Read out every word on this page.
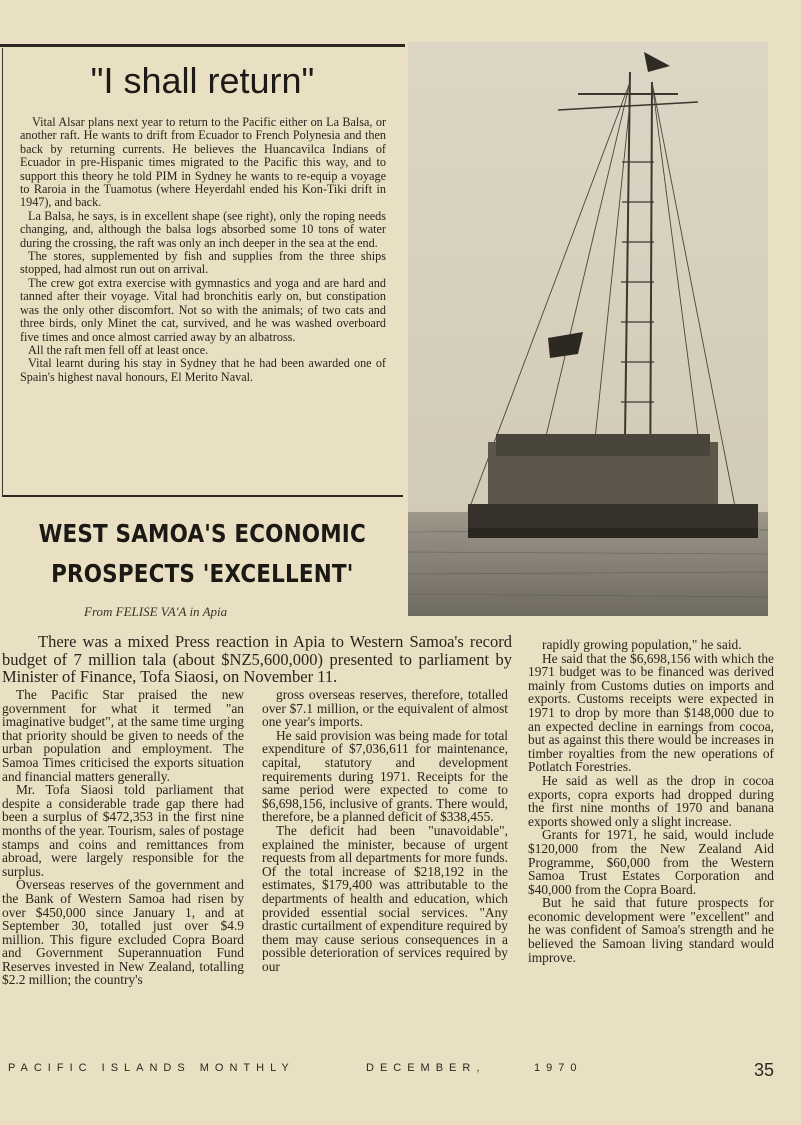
"I shall return"

Vital Alsar plans next year to return to the Pacific either on La Balsa, or another raft. He wants to drift from Ecuador to French Polynesia and then back by returning currents. He believes the Huancavilca Indians of Ecuador in pre-Hispanic times migrated to the Pacific this way, and to support this theory he told PIM in Sydney he wants to re-equip a voyage to Raroia in the Tuamotus (where Heyerdahl ended his Kon-Tiki drift in 1947), and back.

La Balsa, he says, is in excellent shape (see right), only the roping needs changing, and, although the balsa logs absorbed some 10 tons of water during the crossing, the raft was only an inch deeper in the sea at the end.

The stores, supplemented by fish and supplies from the three ships stopped, had almost run out on arrival.

The crew got extra exercise with gymnastics and yoga and are hard and tanned after their voyage. Vital had bronchitis early on, but constipation was the only other discomfort. Not so with the animals; of two cats and three birds, only Minet the cat, survived, and he was washed overboard five times and once almost carried away by an albatross.

All the raft men fell off at least once.

Vital learnt during his stay in Sydney that he had been awarded one of Spain's highest naval honours, El Merito Naval.

WEST SAMOA'S ECONOMIC
PROSPECTS 'EXCELLENT'
From FELISE VA'A in Apia

There was a mixed Press reaction in Apia to Western Samoa's record budget of 7 million tala (about $NZ5,600,000) presented to parliament by Minister of Finance, Tofa Siaosi, on November 11.

The Pacific Star praised the new government for what it termed "an imaginative budget", at the same time urging that priority should be given to needs of the urban population and employment. The Samoa Times criticised the exports situation and financial matters generally.

Mr. Tofa Siaosi told parliament that despite a considerable trade gap there had been a surplus of $472,353 in the first nine months of the year. Tourism, sales of postage stamps and coins and remittances from abroad, were largely responsible for the surplus.

Overseas reserves of the government and the Bank of Western Samoa had risen by over $450,000 since January 1, and at September 30, totalled just over $4.9 million. This figure excluded Copra Board and Government Superannuation Fund Reserves invested in New Zealand, totalling $2.2 million; the country's

gross overseas reserves, therefore, totalled over $7.1 million, or the equivalent of almost one year's imports.

He said provision was being made for total expenditure of $7,036,611 for maintenance, capital, statutory and development requirements during 1971. Receipts for the same period were expected to come to $6,698,156, inclusive of grants. There would, therefore, be a planned deficit of $338,455.

The deficit had been "unavoidable", explained the minister, because of urgent requests from all departments for more funds. Of the total increase of $218,192 in the estimates, $179,400 was attributable to the departments of health and education, which provided essential social services. "Any drastic curtailment of expenditure required by them may cause serious consequences in a possible deterioration of services required by our

rapidly growing population," he said.

He said that the $6,698,156 with which the 1971 budget was to be financed was derived mainly from Customs duties on imports and exports. Customs receipts were expected in 1971 to drop by more than $148,000 due to an expected decline in earnings from cocoa, but as against this there would be increases in timber royalties from the new operations of Potlatch Forestries.

He said as well as the drop in cocoa exports, copra exports had dropped during the first nine months of 1970 and banana exports showed only a slight increase.

Grants for 1971, he said, would include $120,000 from the New Zealand Aid Programme, $60,000 from the Western Samoa Trust Estates Corporation and $40,000 from the Copra Board.

But he said that future prospects for economic development were "excellent" and he was confident of Samoa's strength and he believed the Samoan living standard would improve.

PACIFIC ISLANDS MONTHLY	DECEMBER,	1970	35
